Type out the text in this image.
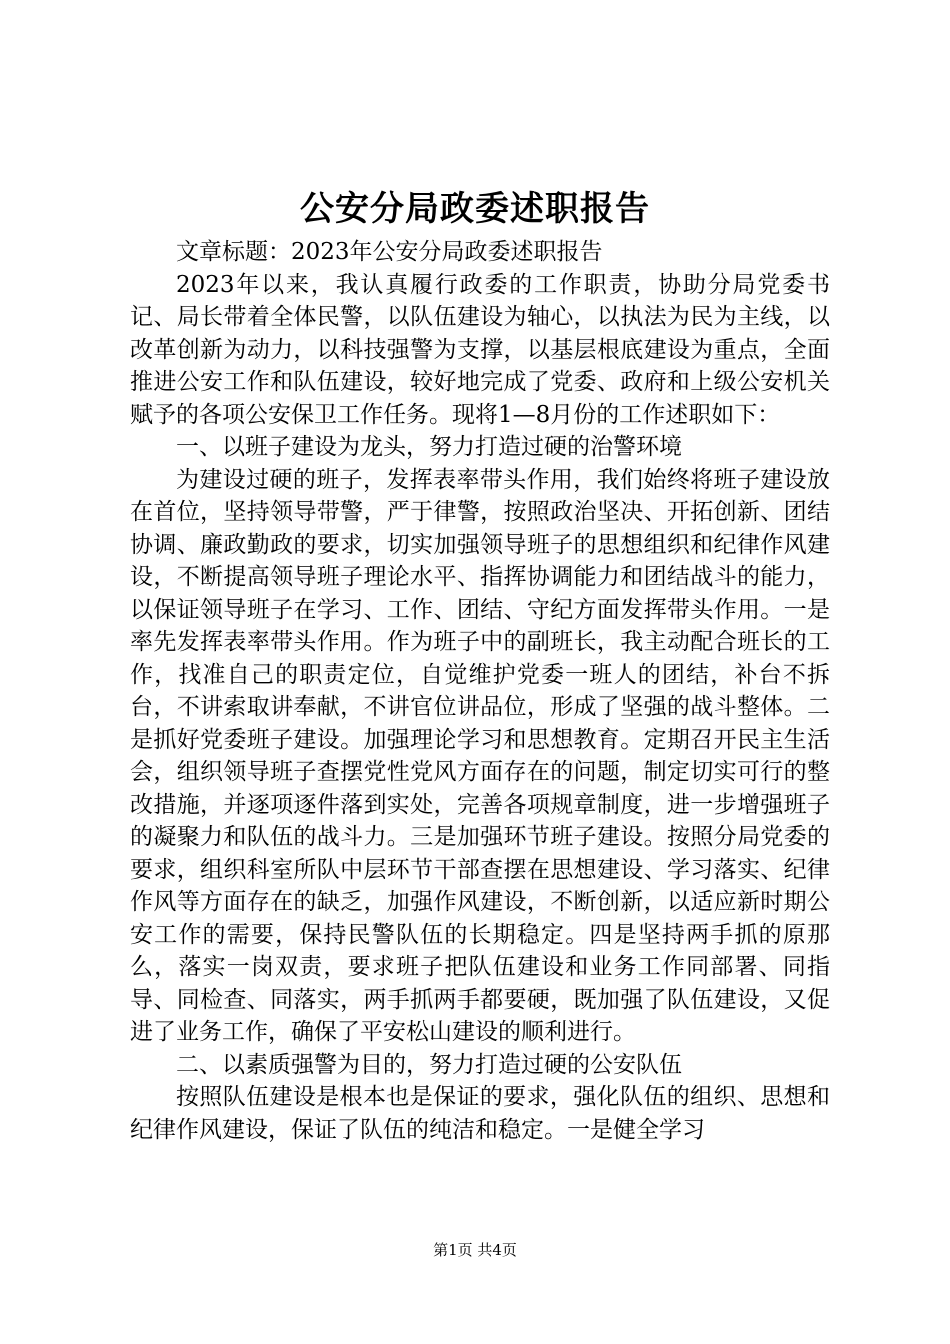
公安分局政委述职报告

文章标题：2023年公安分局政委述职报告

2023年以来，我认真履行政委的工作职责，协助分局党委书记、局长带着全体民警，以队伍建设为轴心，以执法为民为主线，以改革创新为动力，以科技强警为支撑，以基层根底建设为重点，全面推进公安工作和队伍建设，较好地完成了党委、政府和上级公安机关赋予的各项公安保卫工作任务。现将1—8月份的工作述职如下：

一、以班子建设为龙头，努力打造过硬的治警环境

为建设过硬的班子，发挥表率带头作用，我们始终将班子建设放在首位，坚持领导带警，严于律警，按照政治坚决、开拓创新、团结协调、廉政勤政的要求，切实加强领导班子的思想组织和纪律作风建设，不断提高领导班子理论水平、指挥协调能力和团结战斗的能力，以保证领导班子在学习、工作、团结、守纪方面发挥带头作用。一是率先发挥表率带头作用。作为班子中的副班长，我主动配合班长的工作，找准自己的职责定位，自觉维护党委一班人的团结，补台不拆台，不讲索取讲奉献，不讲官位讲品位，形成了坚强的战斗整体。二是抓好党委班子建设。加强理论学习和思想教育。定期召开民主生活会，组织领导班子查摆党性党风方面存在的问题，制定切实可行的整改措施，并逐项逐件落到实处，完善各项规章制度，进一步增强班子的凝聚力和队伍的战斗力。三是加强环节班子建设。按照分局党委的要求，组织科室所队中层环节干部查摆在思想建设、学习落实、纪律作风等方面存在的缺乏，加强作风建设，不断创新，以适应新时期公安工作的需要，保持民警队伍的长期稳定。四是坚持两手抓的原那么，落实一岗双责，要求班子把队伍建设和业务工作同部署、同指导、同检查、同落实，两手抓两手都要硬，既加强了队伍建设，又促进了业务工作，确保了平安松山建设的顺利进行。

二、以素质强警为目的，努力打造过硬的公安队伍

按照队伍建设是根本也是保证的要求，强化队伍的组织、思想和纪律作风建设，保证了队伍的纯洁和稳定。一是健全学习

第1页 共4页
